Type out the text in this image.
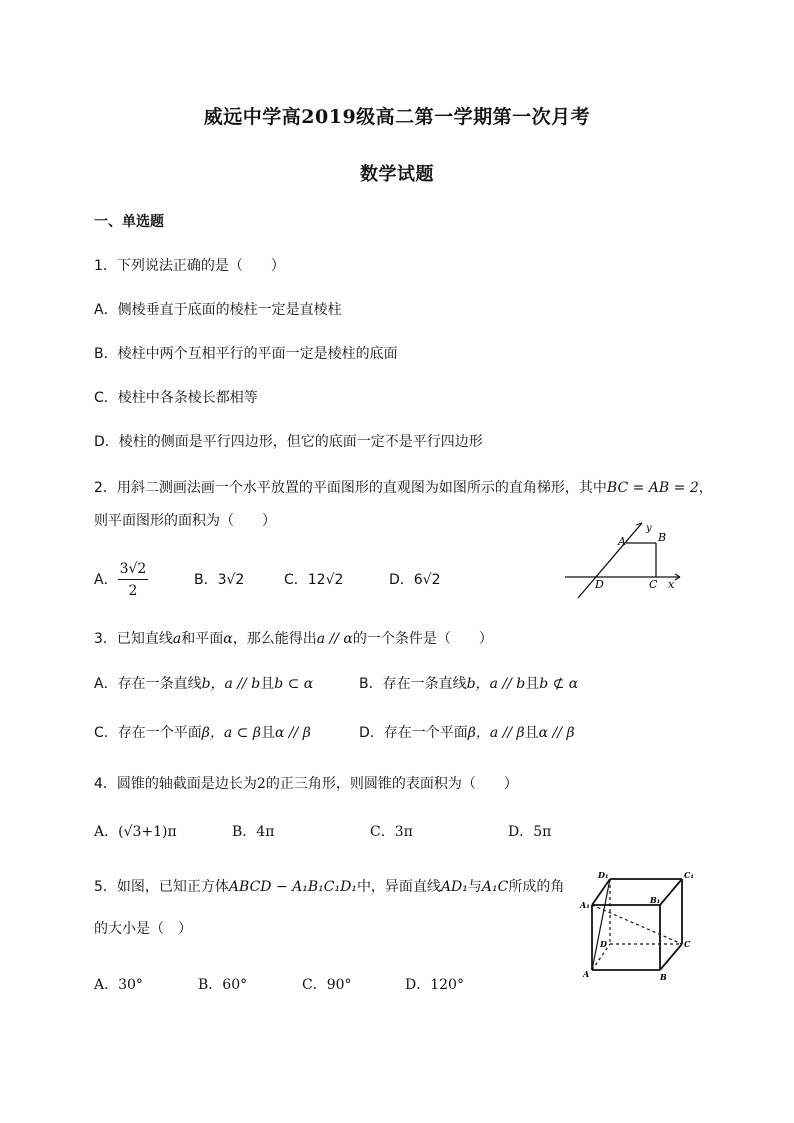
威远中学高2019级高二第一学期第一次月考
数学试题
一、单选题
1．下列说法正确的是（　　）
A．侧棱垂直于底面的棱柱一定是直棱柱
B．棱柱中两个互相平行的平面一定是棱柱的底面
C．棱柱中各条棱长都相等
D．棱柱的侧面是平行四边形，但它的底面一定不是平行四边形
2．用斜二测画法画一个水平放置的平面图形的直观图为如图所示的直角梯形，其中BC = AB = 2，
则平面图形的面积为（　　）
A． $\frac{3√2}{2}$	B．3√2	C．12√2	D．6√2
A	B
C
D	x
y
3．已知直线a和平面α，那么能得出a // α的一个条件是（　　）
A．存在一条直线b，a // b且b ⊂ α	B．存在一条直线b，a // b且b ⊄ α
C．存在一个平面β，a ⊂ β且α // β	D．存在一个平面β，a // β且α // β
4．圆锥的轴截面是边长为2的正三角形，则圆锥的表面积为（　　）
A．(√3+1)π	B．4π	C．3π	D．5π
5．如图，已知正方体ABCD − A₁B₁C₁D₁中，异面直线AD₁与A₁C所成的角
的大小是（　）
A．30°	B．60°	C．90°	D．120°
D₁	C₁
A₁	B₁
D	C
A	B
